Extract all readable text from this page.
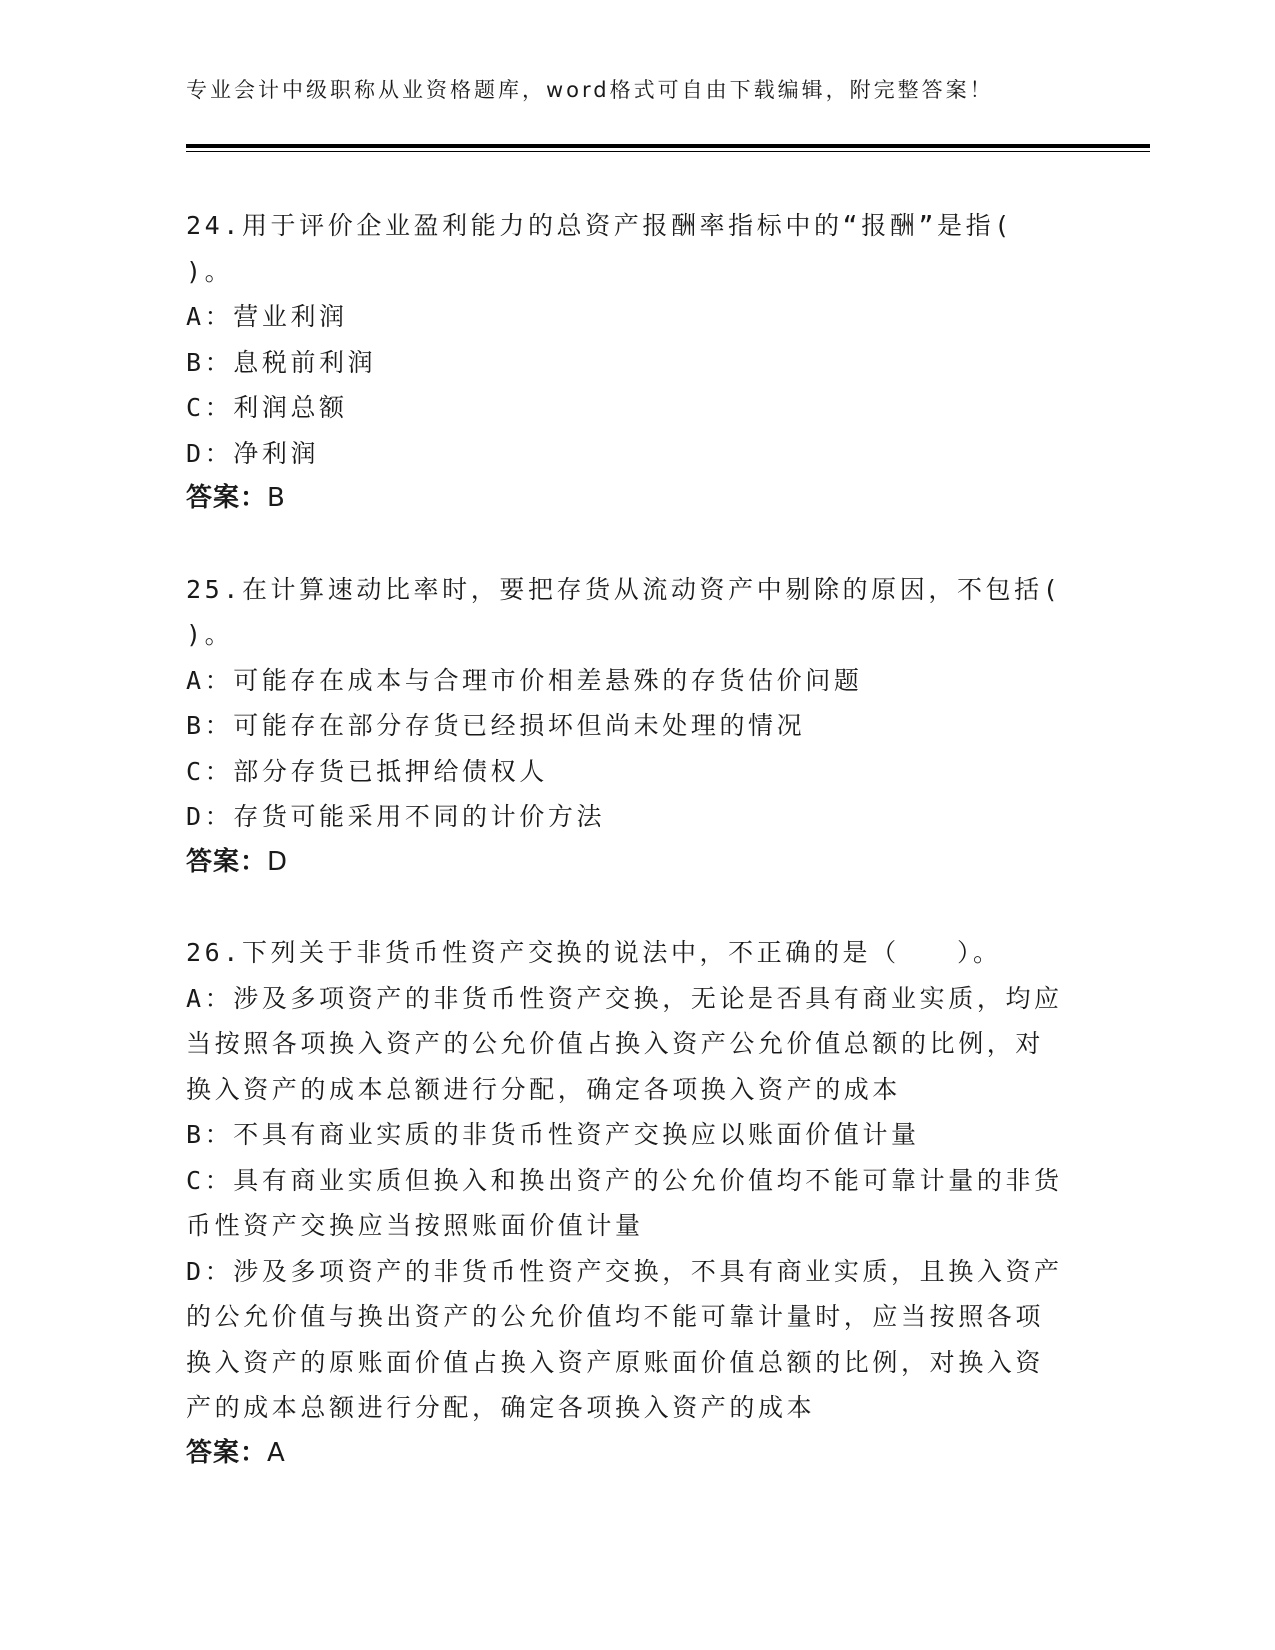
专业会计中级职称从业资格题库，word格式可自由下载编辑，附完整答案！
24.用于评价企业盈利能力的总资产报酬率指标中的“报酬”是指(
)。
A：营业利润
B：息税前利润
C：利润总额
D：净利润
答案：B
25.在计算速动比率时，要把存货从流动资产中剔除的原因，不包括(
)。
A：可能存在成本与合理市价相差悬殊的存货估价问题
B：可能存在部分存货已经损坏但尚未处理的情况
C：部分存货已抵押给债权人
D：存货可能采用不同的计价方法
答案：D
26.下列关于非货币性资产交换的说法中，不正确的是（　　）。
A：涉及多项资产的非货币性资产交换，无论是否具有商业实质，均应
当按照各项换入资产的公允价值占换入资产公允价值总额的比例，对
换入资产的成本总额进行分配，确定各项换入资产的成本
B：不具有商业实质的非货币性资产交换应以账面价值计量
C：具有商业实质但换入和换出资产的公允价值均不能可靠计量的非货
币性资产交换应当按照账面价值计量
D：涉及多项资产的非货币性资产交换，不具有商业实质，且换入资产
的公允价值与换出资产的公允价值均不能可靠计量时，应当按照各项
换入资产的原账面价值占换入资产原账面价值总额的比例，对换入资
产的成本总额进行分配，确定各项换入资产的成本
答案：A
